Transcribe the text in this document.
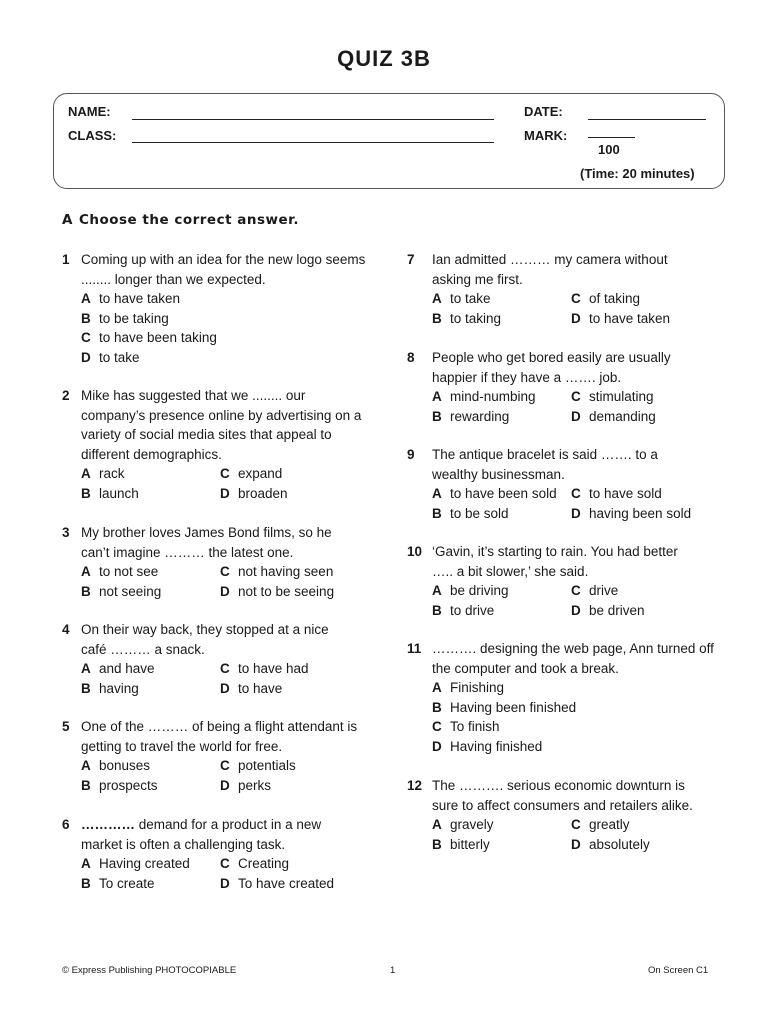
QUIZ 3B
NAME:
CLASS:
DATE:
MARK:
100
(Time: 20 minutes)
A Choose the correct answer.
1 Coming up with an idea for the new logo seems ........ longer than we expected.
A to have taken
B to be taking
C to have been taking
D to take
2 Mike has suggested that we ........ our company’s presence online by advertising on a variety of social media sites that appeal to different demographics.
A rack	C expand
B launch	D broaden
3 My brother loves James Bond films, so he can’t imagine ……… the latest one.
A to not see	C not having seen
B not seeing	D not to be seeing
4 On their way back, they stopped at a nice café ……… a snack.
A and have	C to have had
B having	D to have
5 One of the ……… of being a flight attendant is getting to travel the world for free.
A bonuses	C potentials
B prospects	D perks
6 ………… demand for a product in a new market is often a challenging task.
A Having created	C Creating
B To create	D To have created
7	Ian admitted ……… my camera without asking me first.
A to take	C of taking
B to taking	D to have taken
8	People who get bored easily are usually happier if they have a ……. job.
A mind-numbing	C stimulating
B rewarding	D demanding
9	The antique bracelet is said ……. to a wealthy businessman.
A to have been sold	C to have sold
B to be sold	D having been sold
10 ‘Gavin, it’s starting to rain. You had better ….. a bit slower,’ she said.
A be driving	C drive
B to drive	D be driven
11 ………. designing the web page, Ann turned off the computer and took a break.
A Finishing
B Having been finished
C To finish
D Having finished
12 The ………. serious economic downturn is sure to affect consumers and retailers alike.
A gravely	C greatly
B bitterly	D absolutely
© Express Publishing PHOTOCOPIABLE	1	On Screen C1
